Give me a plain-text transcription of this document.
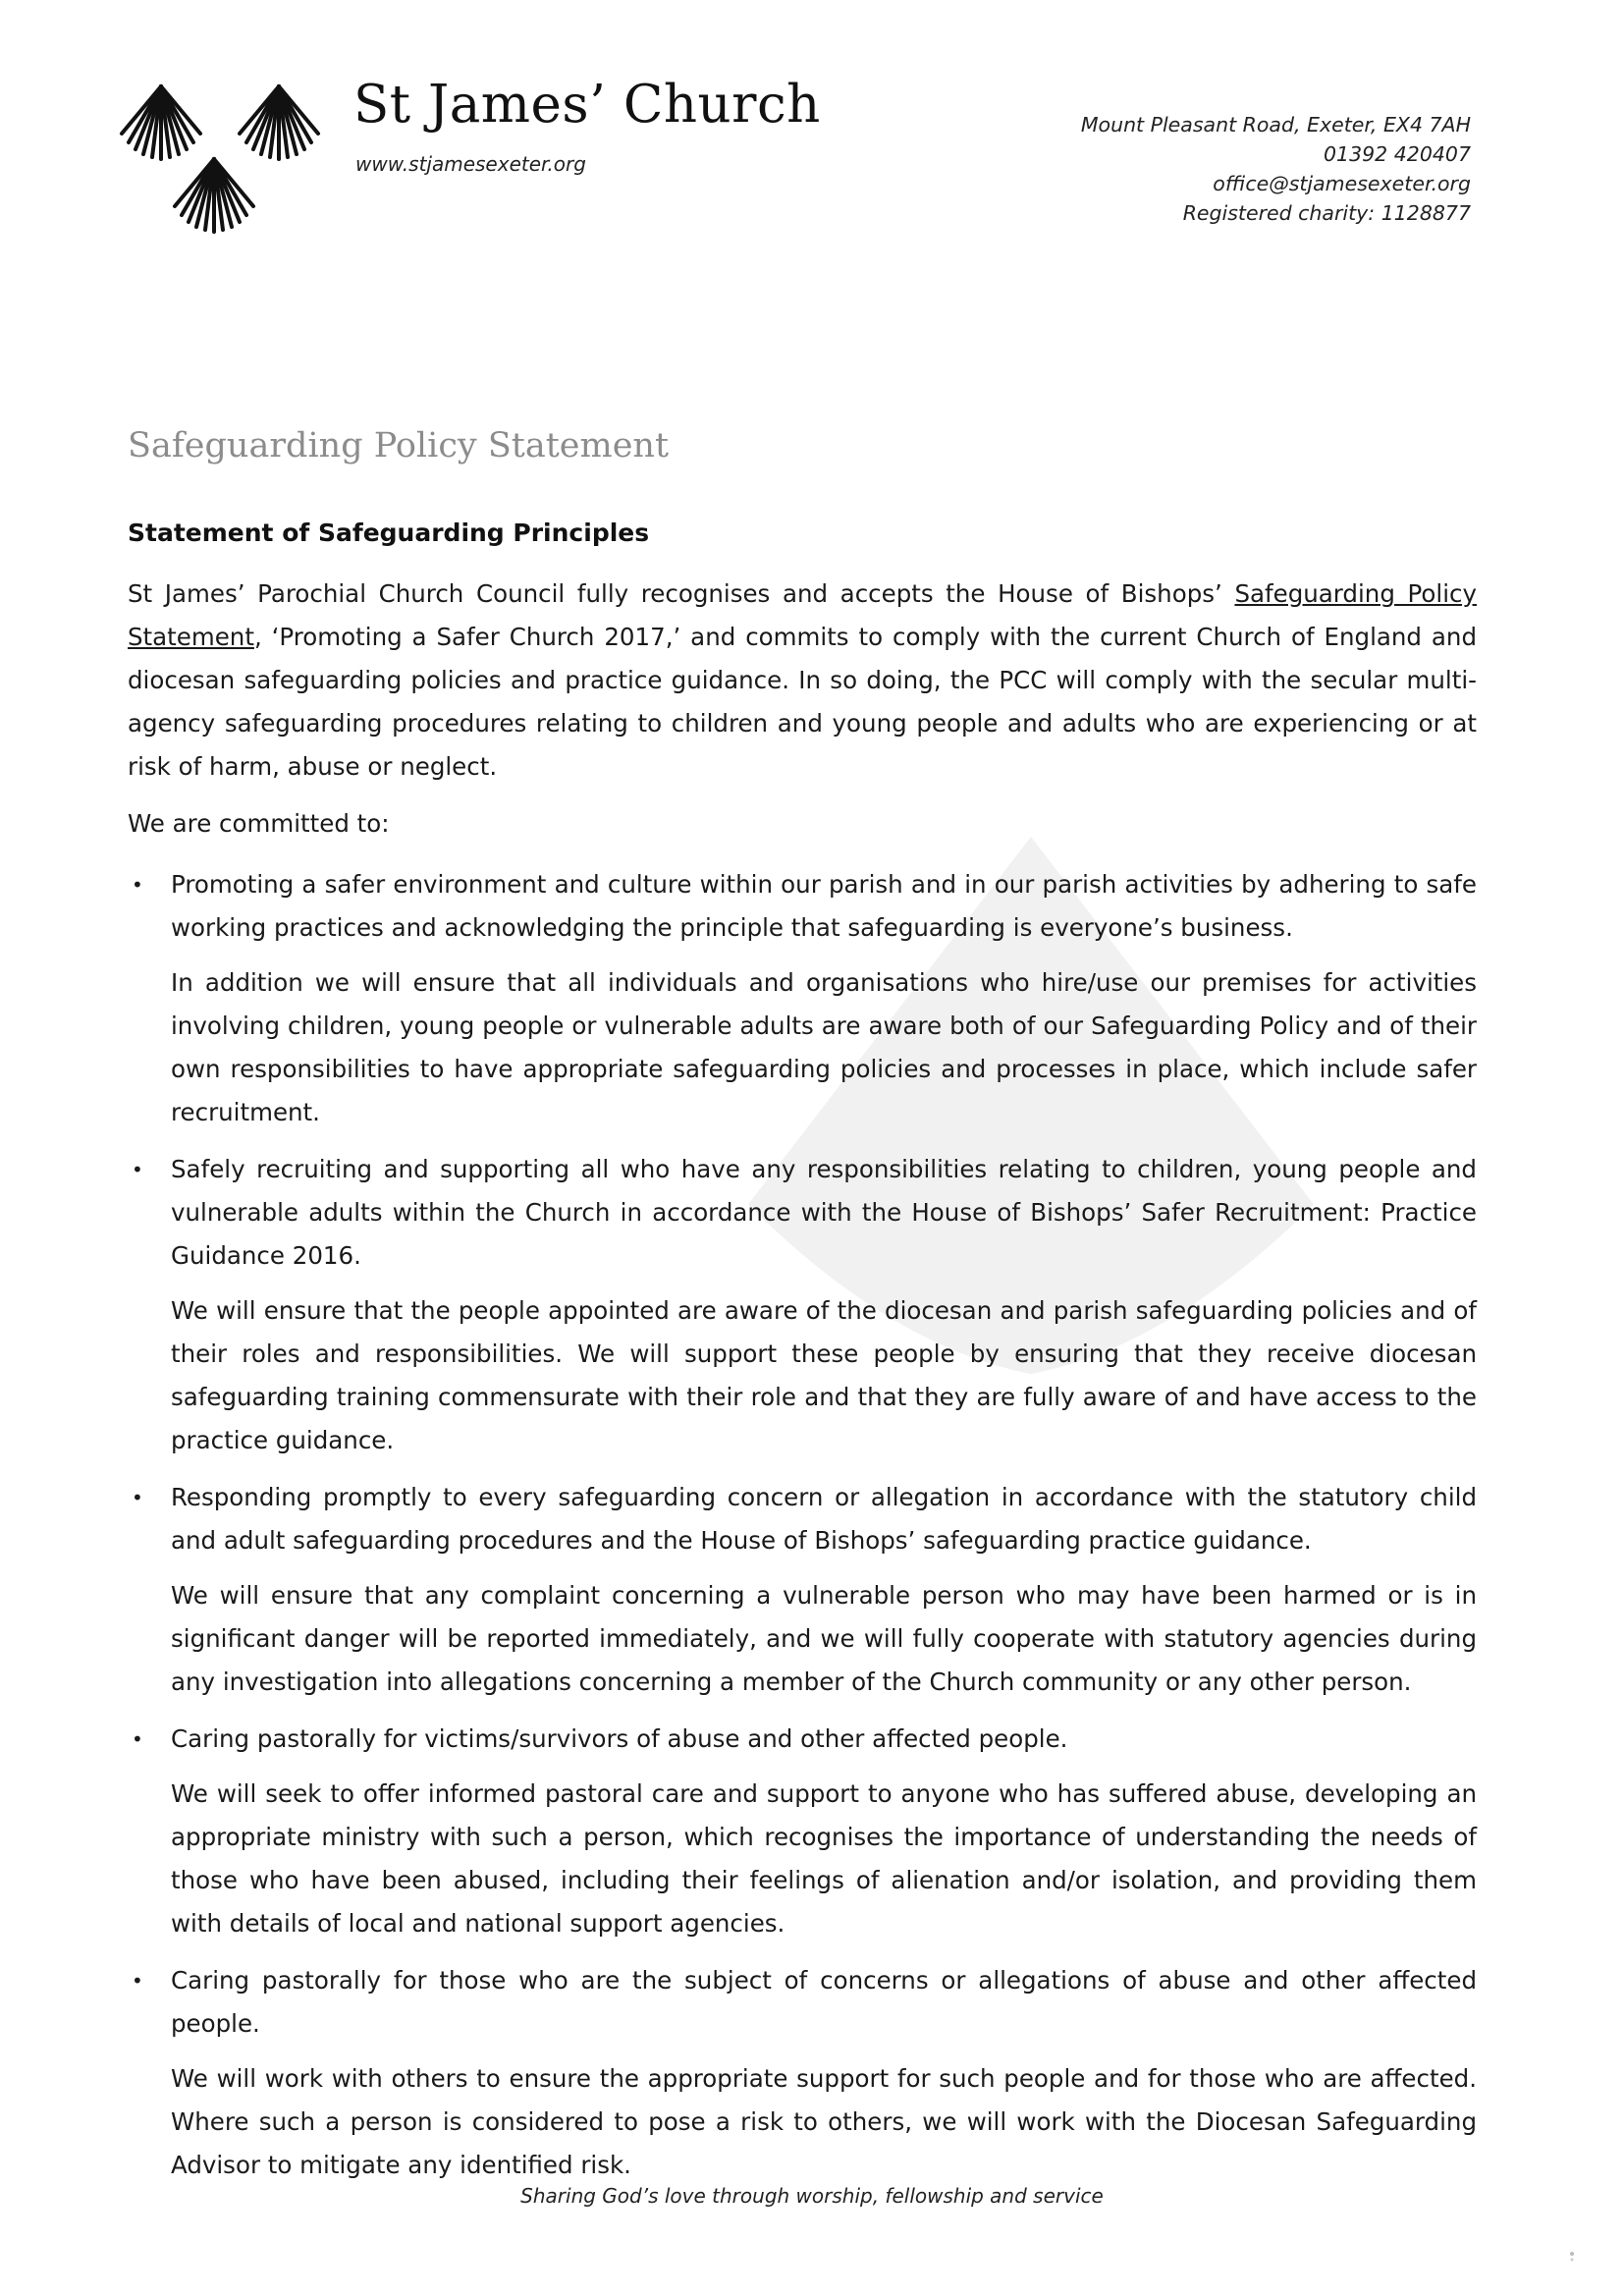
St James’ Church
www.stjamesexeter.org
Mount Pleasant Road, Exeter, EX4 7AH
01392 420407
office@stjamesexeter.org
Registered charity: 1128877
Safeguarding Policy Statement
Statement of Safeguarding Principles

St James’ Parochial Church Council fully recognises and accepts the House of Bishops’ Safeguarding Policy Statement, ‘Promoting a Safer Church 2017,’ and commits to comply with the current Church of England and diocesan safeguarding policies and practice guidance. In so doing, the PCC will comply with the secular multi-agency safeguarding procedures relating to children and young people and adults who are experiencing or at risk of harm, abuse or neglect.

We are committed to:

• Promoting a safer environment and culture within our parish and in our parish activities by adhering to safe working practices and acknowledging the principle that safeguarding is everyone’s business.

In addition we will ensure that all individuals and organisations who hire/use our premises for activities involving children, young people or vulnerable adults are aware both of our Safeguarding Policy and of their own responsibilities to have appropriate safeguarding policies and processes in place, which include safer recruitment.

• Safely recruiting and supporting all who have any responsibilities relating to children, young people and vulnerable adults within the Church in accordance with the House of Bishops’ Safer Recruitment: Practice Guidance 2016.

We will ensure that the people appointed are aware of the diocesan and parish safeguarding policies and of their roles and responsibilities. We will support these people by ensuring that they receive diocesan safeguarding training commensurate with their role and that they are fully aware of and have access to the practice guidance.

• Responding promptly to every safeguarding concern or allegation in accordance with the statutory child and adult safeguarding procedures and the House of Bishops’ safeguarding practice guidance.

We will ensure that any complaint concerning a vulnerable person who may have been harmed or is in significant danger will be reported immediately, and we will fully cooperate with statutory agencies during any investigation into allegations concerning a member of the Church community or any other person.

• Caring pastorally for victims/survivors of abuse and other affected people.

We will seek to offer informed pastoral care and support to anyone who has suffered abuse, developing an appropriate ministry with such a person, which recognises the importance of understanding the needs of those who have been abused, including their feelings of alienation and/or isolation, and providing them with details of local and national support agencies.

• Caring pastorally for those who are the subject of concerns or allegations of abuse and other affected people.

We will work with others to ensure the appropriate support for such people and for those who are affected. Where such a person is considered to pose a risk to others, we will work with the Diocesan Safeguarding Advisor to mitigate any identified risk.

Sharing God’s love through worship, fellowship and service
